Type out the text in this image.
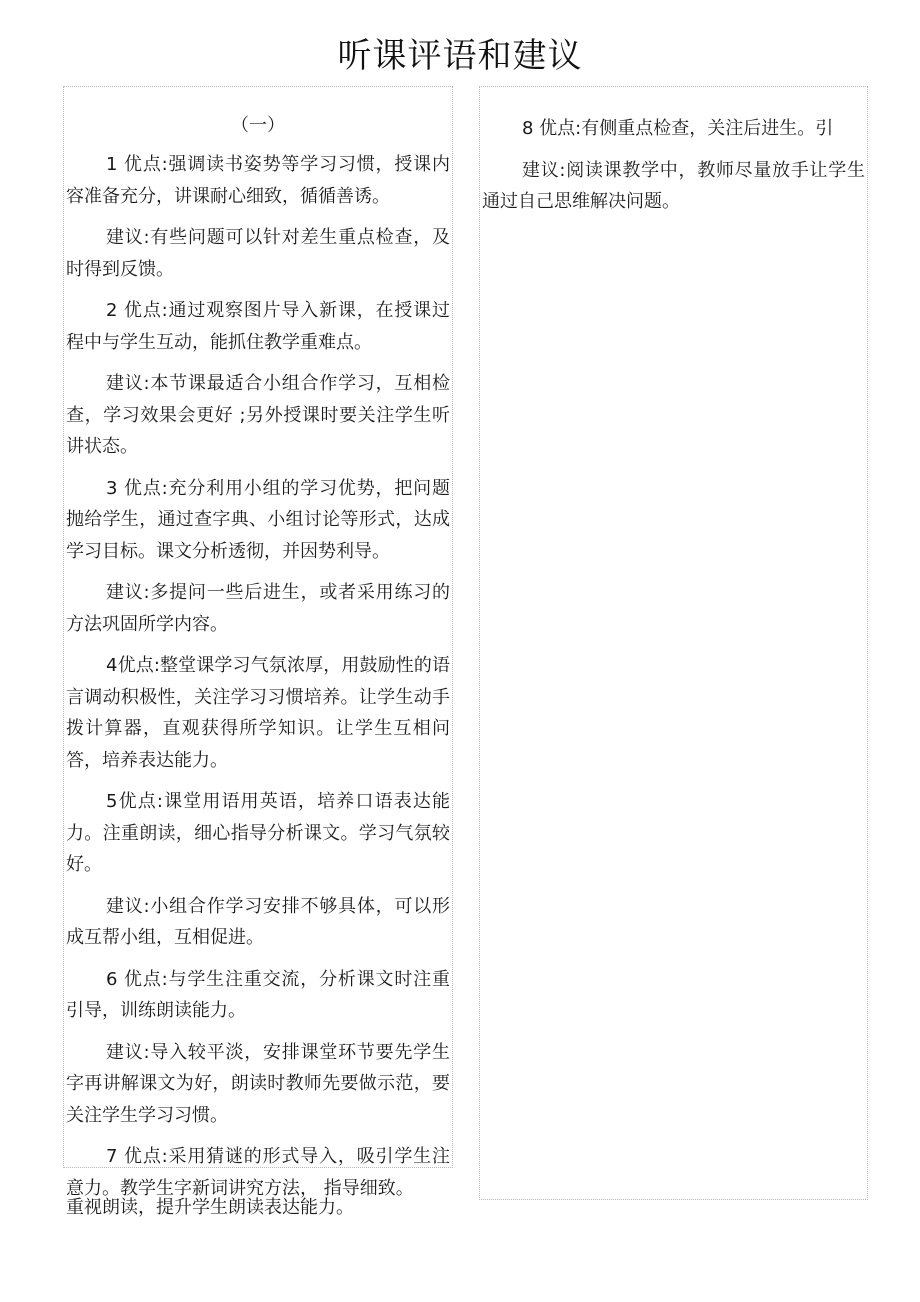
听课评语和建议
（一）

1 优点:强调读书姿势等学习习惯，授课内容准备充分，讲课耐心细致，循循善诱。

建议:有些问题可以针对差生重点检查，及时得到反馈。

2 优点:通过观察图片导入新课，在授课过程中与学生互动，能抓住教学重难点。

建议:本节课最适合小组合作学习，互相检查，学习效果会更好 ;另外授课时要关注学生听讲状态。

3 优点:充分利用小组的学习优势，把问题抛给学生，通过查字典、小组讨论等形式，达成学习目标。课文分析透彻，并因势利导。

建议:多提问一些后进生，或者采用练习的方法巩固所学内容。

4优点:整堂课学习气氛浓厚，用鼓励性的语言调动积极性，关注学习习惯培养。让学生动手拨计算器，直观获得所学知识。让学生互相问答，培养表达能力。

5优点:课堂用语用英语，培养口语表达能力。注重朗读，细心指导分析课文。学习气氛较好。

建议:小组合作学习安排不够具体，可以形成互帮小组，互相促进。

6 优点:与学生注重交流，分析课文时注重引导，训练朗读能力。

建议:导入较平淡，安排课堂环节要先学生字再讲解课文为好，朗读时教师先要做示范，要关注学生学习习惯。

7 优点:采用猜谜的形式导入，吸引学生注意力。教学生字新词讲究方法， 指导细致。

重视朗读，提升学生朗读表达能力。

8 优点:有侧重点检查，关注后进生。引

建议:阅读课教学中，教师尽量放手让学生通过自己思维解决问题。
